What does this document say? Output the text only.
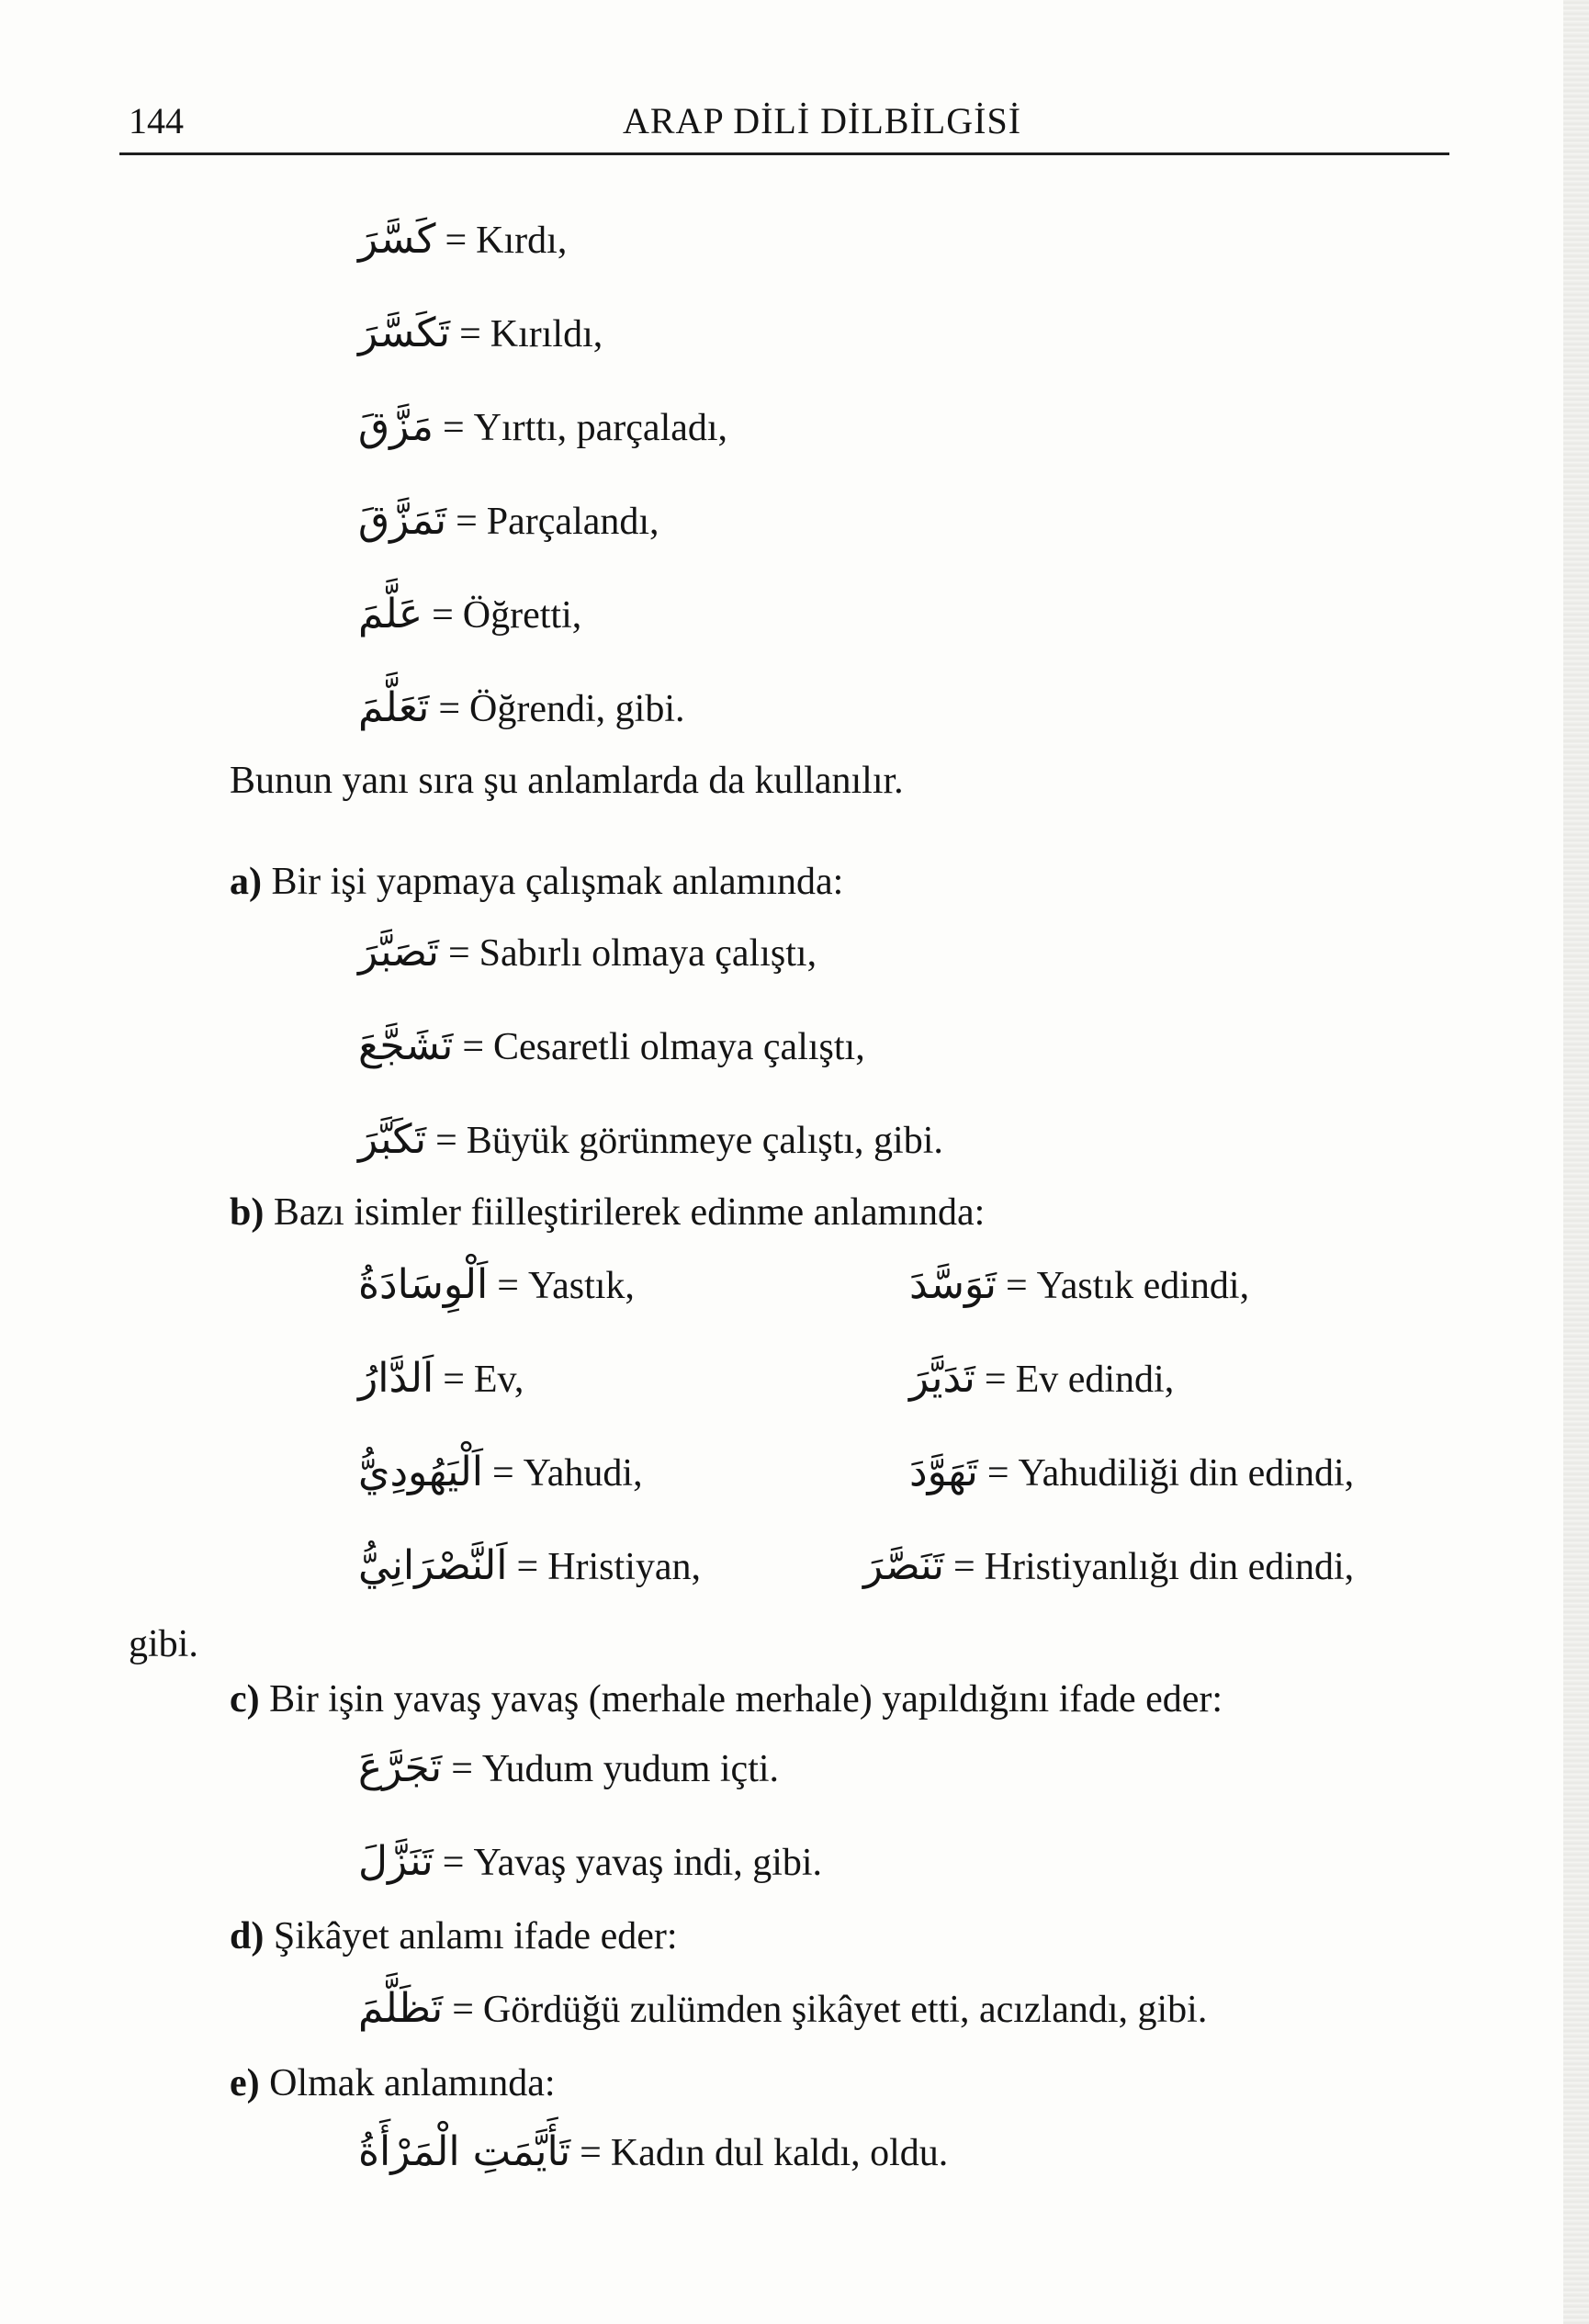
144	ARAP DİLİ DİLBİLGİSİ
كَسَّرَ = Kırdı,
تَكَسَّرَ = Kırıldı,
مَزَّقَ = Yırttı, parçaladı,
تَمَزَّقَ = Parçalandı,
عَلَّمَ = Öğretti,
تَعَلَّمَ = Öğrendi, gibi.
Bunun yanı sıra şu anlamlarda da kullanılır.
a) Bir işi yapmaya çalışmak anlamında:
تَصَبَّرَ = Sabırlı olmaya çalıştı,
تَشَجَّعَ = Cesaretli olmaya çalıştı,
تَكَبَّرَ = Büyük görünmeye çalıştı, gibi.
b) Bazı isimler fiilleştirilerek edinme anlamında:
اَلْوِسَادَةُ = Yastık,	تَوَسَّدَ = Yastık edindi,
اَلدَّارُ = Ev,	تَدَيَّرَ = Ev edindi,
اَلْيَهُودِيُّ = Yahudi,	تَهَوَّدَ = Yahudiliği din edindi,
اَلنَّصْرَانِيُّ = Hristiyan,	تَنَصَّرَ = Hristiyanlığı din edindi,
gibi.
c) Bir işin yavaş yavaş (merhale merhale) yapıldığını ifade eder:
تَجَرَّعَ = Yudum yudum içti.
تَنَزَّلَ = Yavaş yavaş indi, gibi.
d) Şikâyet anlamı ifade eder:
تَظَلَّمَ = Gördüğü zulümden şikâyet etti, acızlandı, gibi.
e) Olmak anlamında:
تَأَيَّمَتِ الْمَرْأَةُ = Kadın dul kaldı, oldu.
